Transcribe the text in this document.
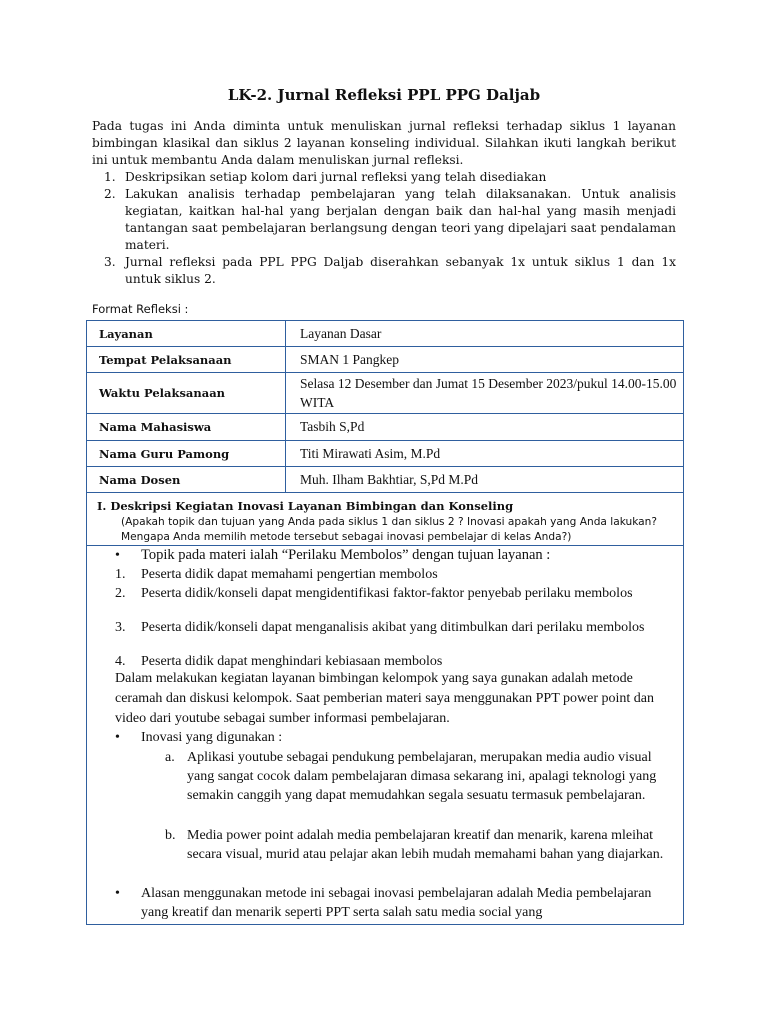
LK-2. Jurnal Refleksi PPL PPG Daljab
Pada tugas ini Anda diminta untuk menuliskan jurnal refleksi terhadap siklus 1 layanan bimbingan klasikal dan siklus 2 layanan konseling individual. Silahkan ikuti langkah berikut ini untuk membantu Anda dalam menuliskan jurnal refleksi.
1. Deskripsikan setiap kolom dari jurnal refleksi yang telah disediakan
2. Lakukan analisis terhadap pembelajaran yang telah dilaksanakan. Untuk analisis kegiatan, kaitkan hal-hal yang berjalan dengan baik dan hal-hal yang masih menjadi tantangan saat pembelajaran berlangsung dengan teori yang dipelajari saat pendalaman materi.
3. Jurnal refleksi pada PPL PPG Daljab diserahkan sebanyak 1x untuk siklus 1 dan 1x untuk siklus 2.
Format Refleksi :
Layanan	Layanan Dasar
Tempat Pelaksanaan	SMAN 1 Pangkep
Waktu Pelaksanaan	Selasa 12 Desember dan Jumat 15 Desember 2023/pukul 14.00-15.00 WITA
Nama Mahasiswa	Tasbih S,Pd
Nama Guru Pamong	Titi Mirawati Asim, M.Pd
Nama Dosen	Muh. Ilham Bakhtiar, S,Pd M.Pd
I. Deskripsi Kegiatan Inovasi Layanan Bimbingan dan Konseling
(Apakah topik dan tujuan yang Anda pada siklus 1 dan siklus 2 ? Inovasi apakah yang Anda lakukan? Mengapa Anda memilih metode tersebut sebagai inovasi pembelajar di kelas Anda?)
• Topik pada materi ialah “Perilaku Membolos” dengan tujuan layanan :
1. Peserta didik dapat memahami pengertian membolos
2. Peserta didik/konseli dapat mengidentifikasi faktor-faktor penyebab perilaku membolos
3. Peserta didik/konseli dapat menganalisis akibat yang ditimbulkan dari perilaku membolos
4. Peserta didik dapat menghindari kebiasaan membolos
Dalam melakukan kegiatan layanan bimbingan kelompok yang saya gunakan adalah metode ceramah dan diskusi kelompok. Saat pemberian materi saya menggunakan PPT power point dan video dari youtube sebagai sumber informasi pembelajaran.
• Inovasi yang digunakan :
a. Aplikasi youtube sebagai pendukung pembelajaran, merupakan media audio visual yang sangat cocok dalam pembelajaran dimasa sekarang ini, apalagi teknologi yang semakin canggih yang dapat memudahkan segala sesuatu termasuk pembelajaran.
b. Media power point adalah media pembelajaran kreatif dan menarik, karena mleihat secara visual, murid atau pelajar akan lebih mudah memahami bahan yang diajarkan.
• Alasan menggunakan metode ini sebagai inovasi pembelajaran adalah Media pembelajaran yang kreatif dan menarik seperti PPT serta salah satu media social yang
